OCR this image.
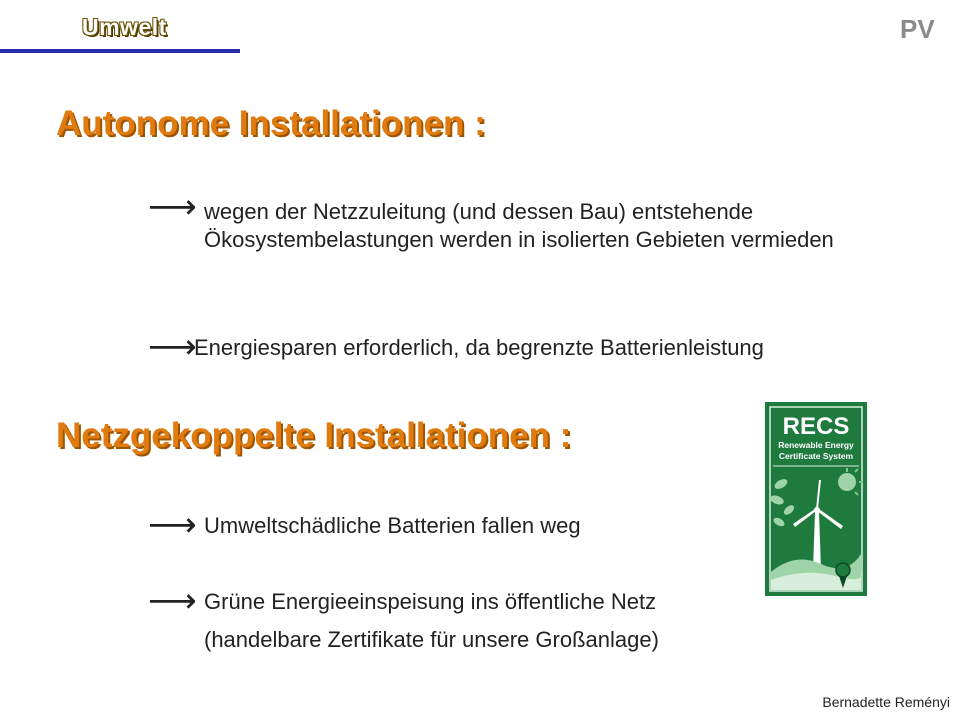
Umwelt	PV
Autonome Installationen :
⟶ wegen der Netzzuleitung (und dessen Bau) entstehende Ökosystembelastungen werden in isolierten Gebieten vermieden
⟶
Energiesparen erforderlich, da begrenzte Batterienleistung
Netzgekoppelte Installationen :
⟶ Umweltschädliche Batterien fallen weg
⟶ Grüne Energieeinspeisung ins öffentliche Netz
(handelbare Zertifikate für unsere Großanlage)
RECS
Renewable Energy
Certificate System
Bernadette Reményi
